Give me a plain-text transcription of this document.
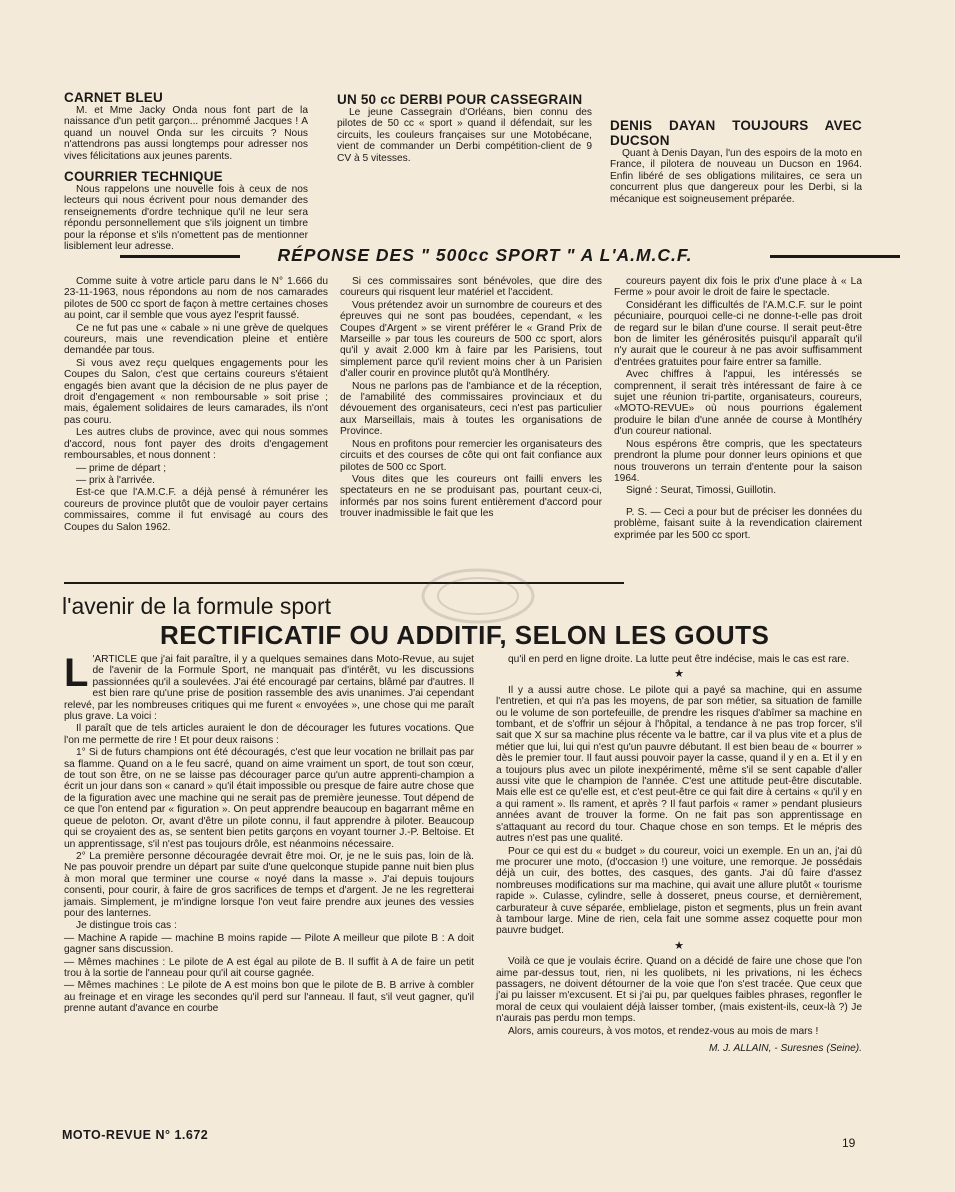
CARNET BLEU

M. et Mme Jacky Onda nous font part de la naissance d'un petit garçon... prénommé Jacques ! A quand un nouvel Onda sur les circuits ? Nous n'attendrons pas aussi longtemps pour adresser nos vives félicitations aux jeunes parents.

COURRIER TECHNIQUE

Nous rappelons une nouvelle fois à ceux de nos lecteurs qui nous écrivent pour nous demander des renseignements d'ordre technique qu'il ne leur sera répondu personnellement que s'ils joignent un timbre pour la réponse et s'ils n'omettent pas de mentionner lisiblement leur adresse.

UN 50 cc DERBI POUR CASSEGRAIN

Le jeune Cassegrain d'Orléans, bien connu des pilotes de 50 cc « sport » quand il défendait, sur les circuits, les couleurs françaises sur une Motobécane, vient de commander un Derbi compétition-client de 9 CV à 5 vitesses.

DENIS DAYAN TOUJOURS AVEC DUCSON

Quant à Denis Dayan, l'un des espoirs de la moto en France, il pilotera de nouveau un Ducson en 1964. Enfin libéré de ses obligations militaires, ce sera un concurrent plus que dangereux pour les Derbi, si la mécanique est soigneusement préparée.

RÉPONSE DES " 500cc SPORT " A L'A.M.C.F.

Comme suite à votre article paru dans le N° 1.666 du 23-11-1963, nous répondons au nom de nos camarades pilotes de 500 cc sport de façon à mettre certaines choses au point, car il semble que vous ayez l'esprit faussé.

Ce ne fut pas une « cabale » ni une grève de quelques coureurs, mais une revendication pleine et entière demandée par tous.

Si vous avez reçu quelques engagements pour les Coupes du Salon, c'est que certains coureurs s'étaient engagés bien avant que la décision de ne plus payer de droit d'engagement « non remboursable » soit prise ; mais, également solidaires de leurs camarades, ils n'ont pas couru.

Les autres clubs de province, avec qui nous sommes d'accord, nous font payer des droits d'engagement remboursables, et nous donnent :

— prime de départ ;

— prix à l'arrivée.

Est-ce que l'A.M.C.F. a déjà pensé à rémunérer les coureurs de province plutôt que de vouloir payer certains commissaires, comme il fut envisagé au cours des Coupes du Salon 1962.

Si ces commissaires sont bénévoles, que dire des coureurs qui risquent leur matériel et l'accident.

Vous prétendez avoir un surnombre de coureurs et des épreuves qui ne sont pas boudées, cependant, « les Coupes d'Argent » se virent préférer le « Grand Prix de Marseille » par tous les coureurs de 500 cc sport, alors qu'il y avait 2.000 km à faire par les Parisiens, tout simplement parce qu'il revient moins cher à un Parisien d'aller courir en province plutôt qu'à Montlhéry.

Nous ne parlons pas de l'ambiance et de la réception, de l'amabilité des commissaires provinciaux et du dévouement des organisateurs, ceci n'est pas particulier aux Marseillais, mais à toutes les organisations de Province.

Nous en profitons pour remercier les organisateurs des circuits et des courses de côte qui ont fait confiance aux pilotes de 500 cc Sport.

Vous dites que les coureurs ont failli envers les spectateurs en ne se produisant pas, pourtant ceux-ci, informés par nos soins furent entièrement d'accord pour trouver inadmissible le fait que les

coureurs payent dix fois le prix d'une place à « La Ferme » pour avoir le droit de faire le spectacle.

Considérant les difficultés de l'A.M.C.F. sur le point pécuniaire, pourquoi celle-ci ne donne-t-elle pas droit de regard sur le bilan d'une course. Il serait peut-être bon de limiter les générosités puisqu'il apparaît qu'il n'y aurait que le coureur à ne pas avoir suffisamment d'entrées gratuites pour faire entrer sa famille.

Avec chiffres à l'appui, les intéressés se comprennent, il serait très intéressant de faire à ce sujet une réunion tri-partite, organisateurs, coureurs, «MOTO-REVUE» où nous pourrions également produire le bilan d'une année de course à Montlhéry d'un coureur national.

Nous espérons être compris, que les spectateurs prendront la plume pour donner leurs opinions et que nous trouverons un terrain d'entente pour la saison 1964.

Signé : Seurat, Timossi, Guillotin.

P. S. — Ceci a pour but de préciser les données du problème, faisant suite à la revendication clairement exprimée par les 500 cc sport.

l'avenir de la formule sport
RECTIFICATIF OU ADDITIF, SELON LES GOUTS

L 'ARTICLE que j'ai fait paraître, il y a quelques semaines dans Moto-Revue, au sujet de l'avenir de la Formule Sport, ne manquait pas d'intérêt, vu les discussions passionnées qu'il a soulevées. J'ai été encouragé par certains, blâmé par d'autres. Il est bien rare qu'une prise de position rassemble des avis unanimes. J'ai cependant relevé, par les nombreuses critiques qui me furent « envoyées », une chose qui me paraît plus grave. La voici :

Il paraît que de tels articles auraient le don de décourager les futures vocations. Que l'on me permette de rire ! Et pour deux raisons :

1° Si de futurs champions ont été découragés, c'est que leur vocation ne brillait pas par sa flamme. Quand on a le feu sacré, quand on aime vraiment un sport, de tout son cœur, de tout son être, on ne se laisse pas décourager parce qu'un autre apprenti-champion a écrit un jour dans son « canard » qu'il était impossible ou presque de faire autre chose que de la figuration avec une machine qui ne serait pas de première jeunesse. Tout dépend de ce que l'on entend par « figuration ». On peut apprendre beaucoup en bagarrant même en queue de peloton. Or, avant d'être un pilote connu, il faut apprendre à piloter. Beaucoup qui se croyaient des as, se sentent bien petits garçons en voyant tourner J.-P. Beltoise. Et un apprentissage, s'il n'est pas toujours drôle, est néanmoins nécessaire.

2° La première personne découragée devrait être moi. Or, je ne le suis pas, loin de là. Ne pas pouvoir prendre un départ par suite d'une quelconque stupide panne nuit bien plus à mon moral que terminer une course « noyé dans la masse ». J'ai depuis toujours consenti, pour courir, à faire de gros sacrifices de temps et d'argent. Je ne les regretterai jamais. Simplement, je m'indigne lorsque l'on veut faire prendre aux jeunes des vessies pour des lanternes.

Je distingue trois cas :

— Machine A rapide — machine B moins rapide — Pilote A meilleur que pilote B : A doit gagner sans discussion.

— Mêmes machines : Le pilote de A est égal au pilote de B. Il suffit à A de faire un petit trou à la sortie de l'anneau pour qu'il ait course gagnée.

— Mêmes machines : Le pilote de A est moins bon que le pilote de B. B arrive à combler au freinage et en virage les secondes qu'il perd sur l'anneau. Il faut, s'il veut gagner, qu'il prenne autant d'avance en courbe

qu'il en perd en ligne droite. La lutte peut être indécise, mais le cas est rare.

★

Il y a aussi autre chose. Le pilote qui a payé sa machine, qui en assume l'entretien, et qui n'a pas les moyens, de par son métier, sa situation de famille ou le volume de son portefeuille, de prendre les risques d'abîmer sa machine en tombant, et de s'offrir un séjour à l'hôpital, a tendance à ne pas trop forcer, s'il sait que X sur sa machine plus récente va le battre, car il va plus vite et a plus de métier que lui, lui qui n'est qu'un pauvre débutant. Il est bien beau de « bourrer » dès le premier tour. Il faut aussi pouvoir payer la casse, quand il y en a. Et il y en a toujours plus avec un pilote inexpérimenté, même s'il se sent capable d'aller aussi vite que le champion de l'année. C'est une attitude peut-être discutable. Mais elle est ce qu'elle est, et c'est peut-être ce qui fait dire à certains « qu'il y en a qui rament ». Ils rament, et après ? Il faut parfois « ramer » pendant plusieurs années avant de trouver la forme. On ne fait pas son apprentissage en s'attaquant au record du tour. Chaque chose en son temps. Et le mépris des autres n'est pas une qualité.

Pour ce qui est du « budget » du coureur, voici un exemple. En un an, j'ai dû me procurer une moto, (d'occasion !) une voiture, une remorque. Je possédais déjà un cuir, des bottes, des casques, des gants. J'ai dû faire d'assez nombreuses modifications sur ma machine, qui avait une allure plutôt « tourisme rapide ». Culasse, cylindre, selle à dosseret, pneus course, et dernièrement, carburateur à cuve séparée, emblielage, piston et segments, plus un frein avant à tambour large. Mine de rien, cela fait une somme assez coquette pour mon pauvre budget.

★

Voilà ce que je voulais écrire. Quand on a décidé de faire une chose que l'on aime par-dessus tout, rien, ni les quolibets, ni les privations, ni les échecs passagers, ne doivent détourner de la voie que l'on s'est tracée. Que ceux que j'ai pu laisser m'excusent. Et si j'ai pu, par quelques faibles phrases, regonfler le moral de ceux qui voulaient déjà laisser tomber, (mais existent-ils, ceux-là ?) Je n'aurais pas perdu mon temps.

Alors, amis coureurs, à vos motos, et rendez-vous au mois de mars !

M. J. ALLAIN, - Suresnes (Seine).

MOTO-REVUE N° 1.672
19
